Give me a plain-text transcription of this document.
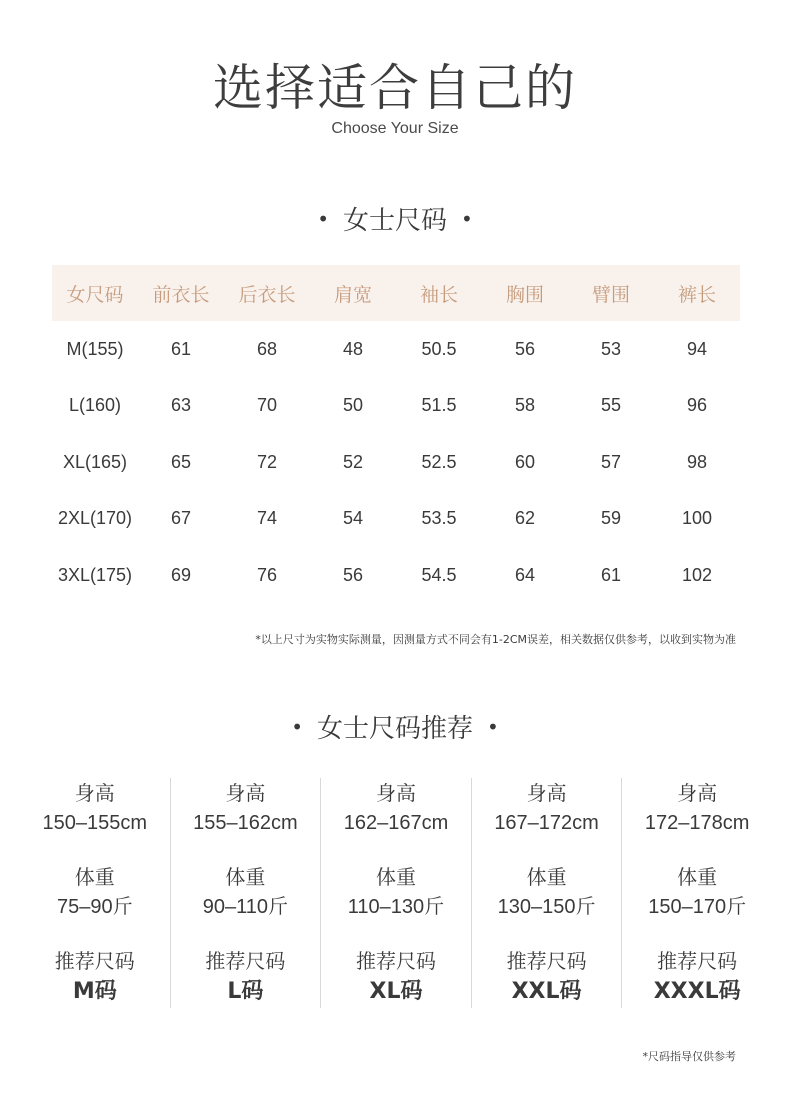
选择适合自己的
Choose Your Size
• 女士尺码 •
女尺码	前衣长	后衣长	肩宽	袖长	胸围	臂围	裤长
M(155)	61	68	48	50.5	56	53	94
L(160)	63	70	50	51.5	58	55	96
XL(165)	65	72	52	52.5	60	57	98
2XL(170)	67	74	54	53.5	62	59	100
3XL(175)	69	76	56	54.5	64	61	102
*以上尺寸为实物实际测量，因测量方式不同会有1-2CM误差，相关数据仅供参考，以收到实物为准
• 女士尺码推荐 •
身高
150–155cm
体重
75–90斤
推荐尺码
M码
身高
155–162cm
体重
90–110斤
推荐尺码
L码
身高
162–167cm
体重
110–130斤
推荐尺码
XL码
身高
167–172cm
体重
130–150斤
推荐尺码
XXL码
身高
172–178cm
体重
150–170斤
推荐尺码
XXXL码
*尺码指导仅供参考
